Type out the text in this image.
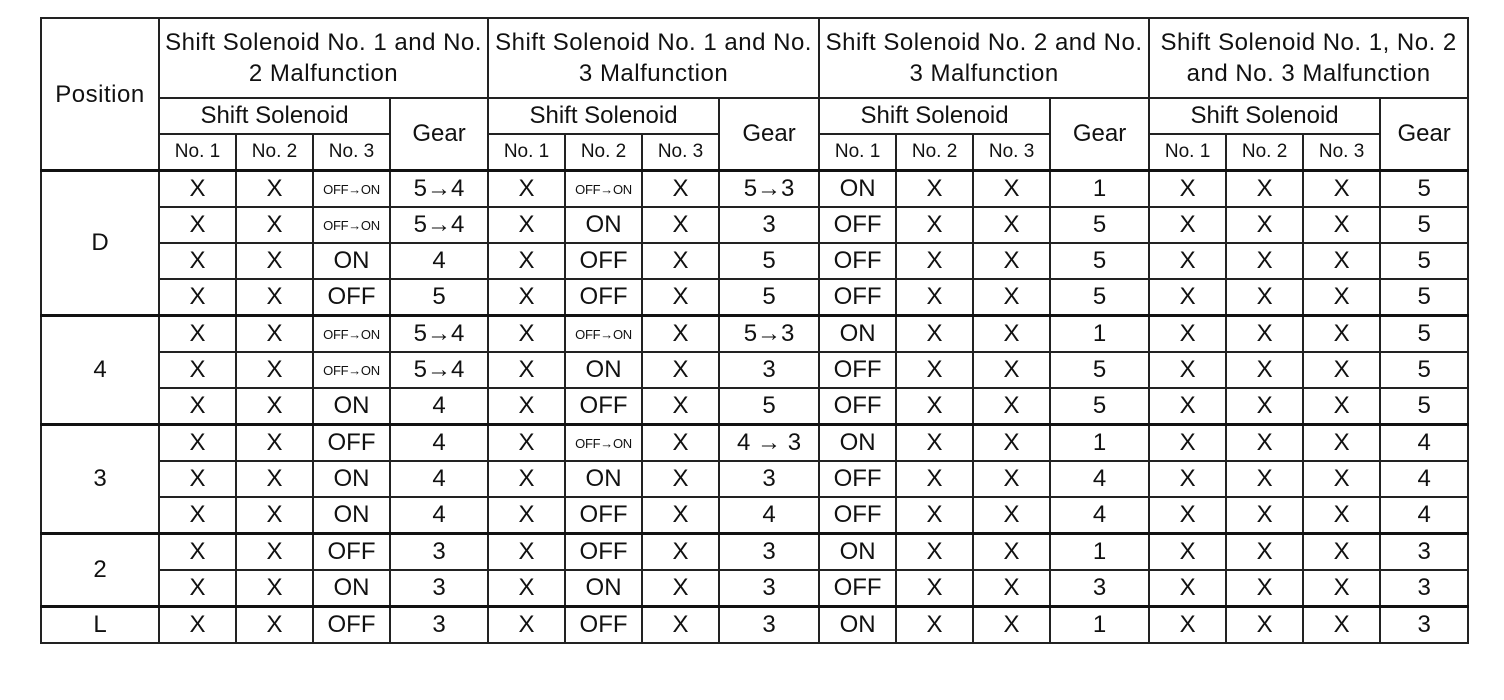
Position	Shift Solenoid No. 1 and No. 2 Malfunction				Shift Solenoid No. 1 and No. 3 Malfunction				Shift Solenoid No. 2 and No. 3 Malfunction				Shift Solenoid No. 1, No. 2 and No. 3 Malfunction			
	Shift Solenoid			Gear	Shift Solenoid			Gear	Shift Solenoid			Gear	Shift Solenoid			Gear
	No. 1	No. 2	No. 3		No. 1	No. 2	No. 3		No. 1	No. 2	No. 3		No. 1	No. 2	No. 3	
D	X	X	OFF→ON	5→4	X	OFF→ON	X	5→3	ON	X	X	1	X	X	X	5
	X	X	OFF→ON	5→4	X	ON	X	3	OFF	X	X	5	X	X	X	5
	X	X	ON	4	X	OFF	X	5	OFF	X	X	5	X	X	X	5
	X	X	OFF	5	X	OFF	X	5	OFF	X	X	5	X	X	X	5
4	X	X	OFF→ON	5→4	X	OFF→ON	X	5→3	ON	X	X	1	X	X	X	5
	X	X	OFF→ON	5→4	X	ON	X	3	OFF	X	X	5	X	X	X	5
	X	X	ON	4	X	OFF	X	5	OFF	X	X	5	X	X	X	5
3	X	X	OFF	4	X	OFF→ON	X	4 → 3	ON	X	X	1	X	X	X	4
	X	X	ON	4	X	ON	X	3	OFF	X	X	4	X	X	X	4
	X	X	ON	4	X	OFF	X	4	OFF	X	X	4	X	X	X	4
2	X	X	OFF	3	X	OFF	X	3	ON	X	X	1	X	X	X	3
	X	X	ON	3	X	ON	X	3	OFF	X	X	3	X	X	X	3
L	X	X	OFF	3	X	OFF	X	3	ON	X	X	1	X	X	X	3
